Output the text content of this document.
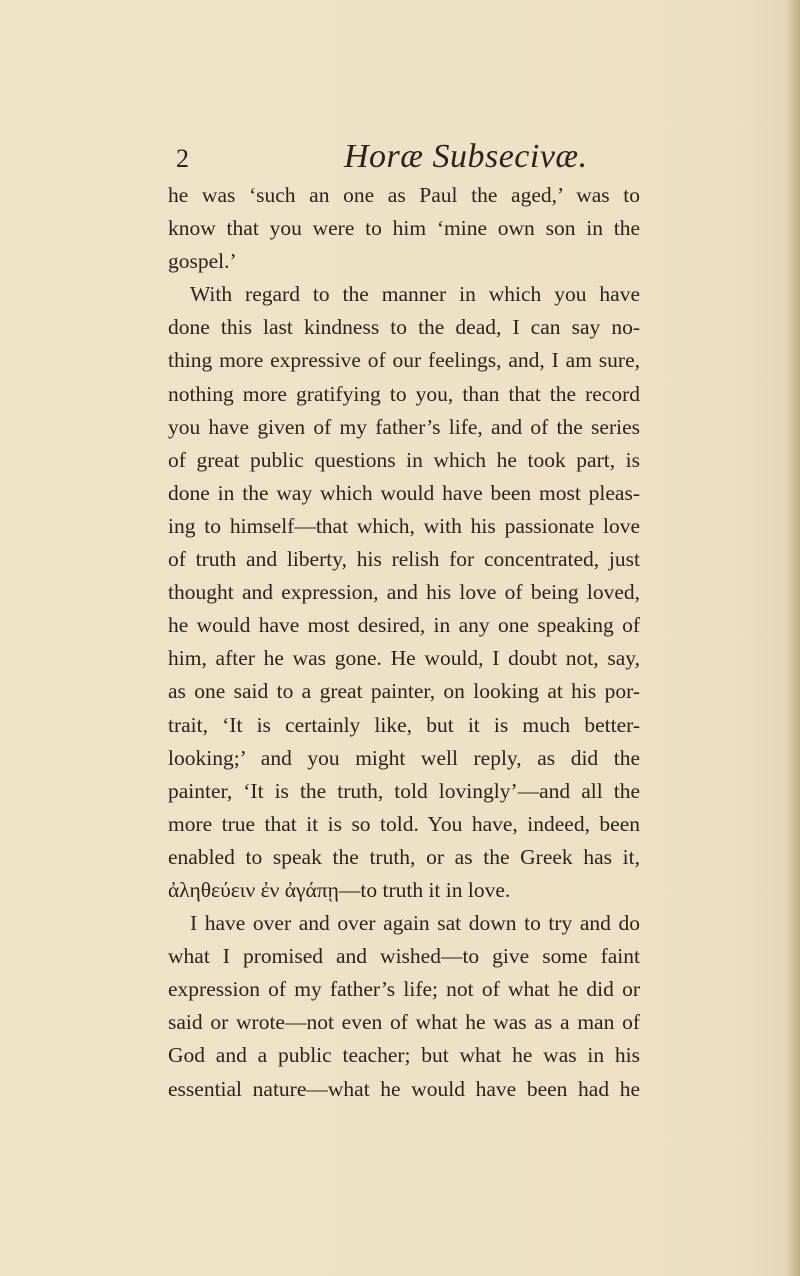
2	Horæ Subsecivæ.
he was ‘such an one as Paul the aged,’ was to
know that you were to him ‘mine own son in the
gospel.’
With regard to the manner in which you have
done this last kindness to the dead, I can say no-
thing more expressive of our feelings, and, I am sure,
nothing more gratifying to you, than that the record
you have given of my father’s life, and of the series
of great public questions in which he took part, is
done in the way which would have been most pleas-
ing to himself—that which, with his passionate love
of truth and liberty, his relish for concentrated, just
thought and expression, and his love of being loved,
he would have most desired, in any one speaking of
him, after he was gone. He would, I doubt not, say,
as one said to a great painter, on looking at his por-
trait, ‘It is certainly like, but it is much better-
looking;’ and you might well reply, as did the
painter, ‘It is the truth, told lovingly’—and all the
more true that it is so told. You have, indeed, been
enabled to speak the truth, or as the Greek has it,
ἀληθεύειν ἐν ἀγάπῃ—to truth it in love.
I have over and over again sat down to try and do
what I promised and wished—to give some faint
expression of my father’s life; not of what he did or
said or wrote—not even of what he was as a man of
God and a public teacher; but what he was in his
essential nature—what he would have been had he
